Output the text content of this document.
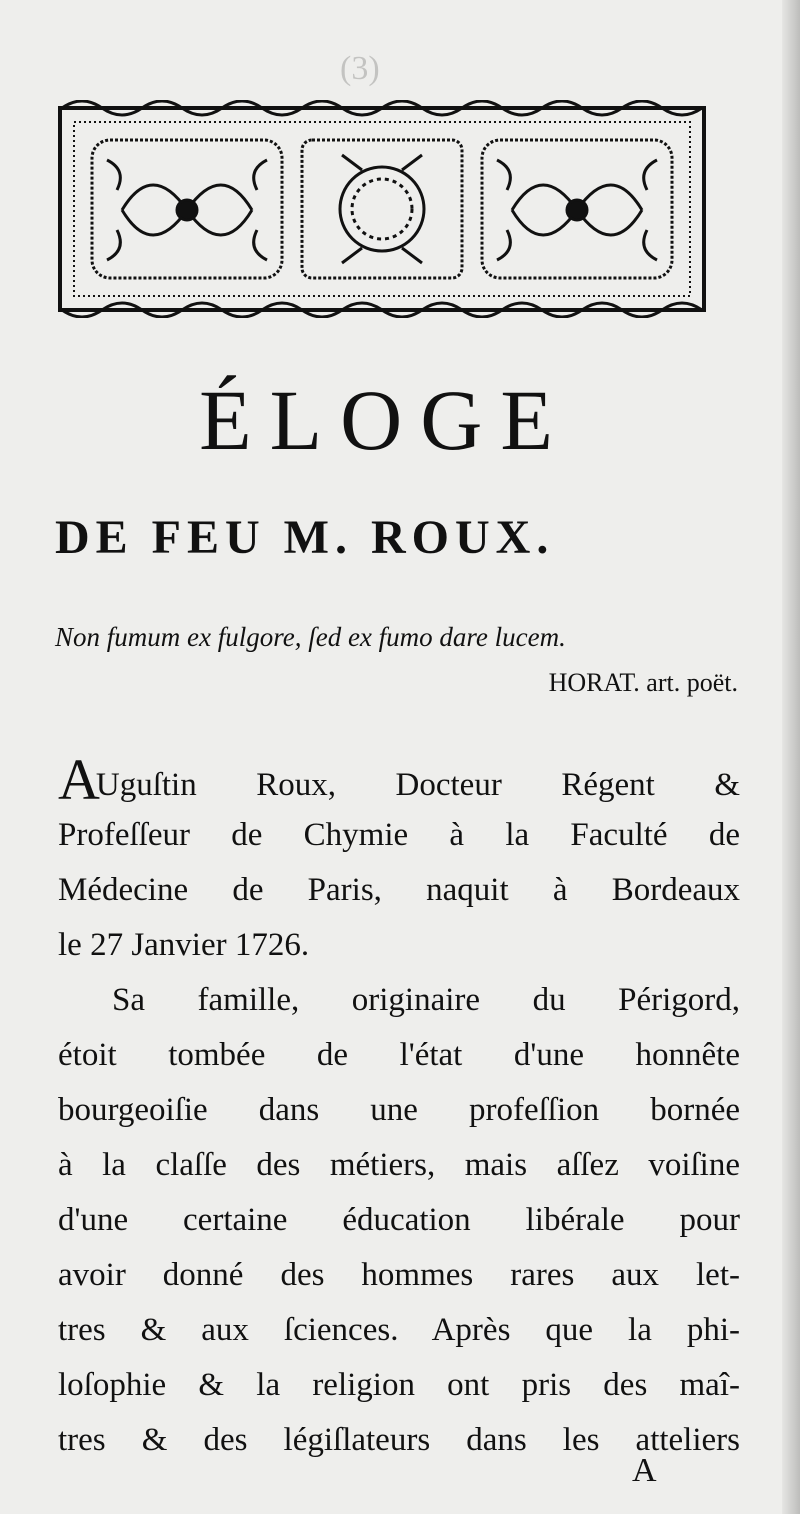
(3)
ÉLOGE
DE FEU M. ROUX.
Non fumum ex fulgore, ſed ex fumo dare lucem.
HORAT. art. poët.
AUguſtin Roux, Docteur Régent &
Profeſſeur de Chymie à la Faculté de
Médecine de Paris, naquit à Bordeaux
le 27 Janvier 1726.
Sa famille, originaire du Périgord,
étoit tombée de l'état d'une honnête
bourgeoiſie dans une profeſſion bornée
à la claſſe des métiers, mais aſſez voiſine
d'une certaine éducation libérale pour
avoir donné des hommes rares aux let-
tres & aux ſciences. Après que la phi-
loſophie & la religion ont pris des maî-
tres & des légiſlateurs dans les atteliers
A
